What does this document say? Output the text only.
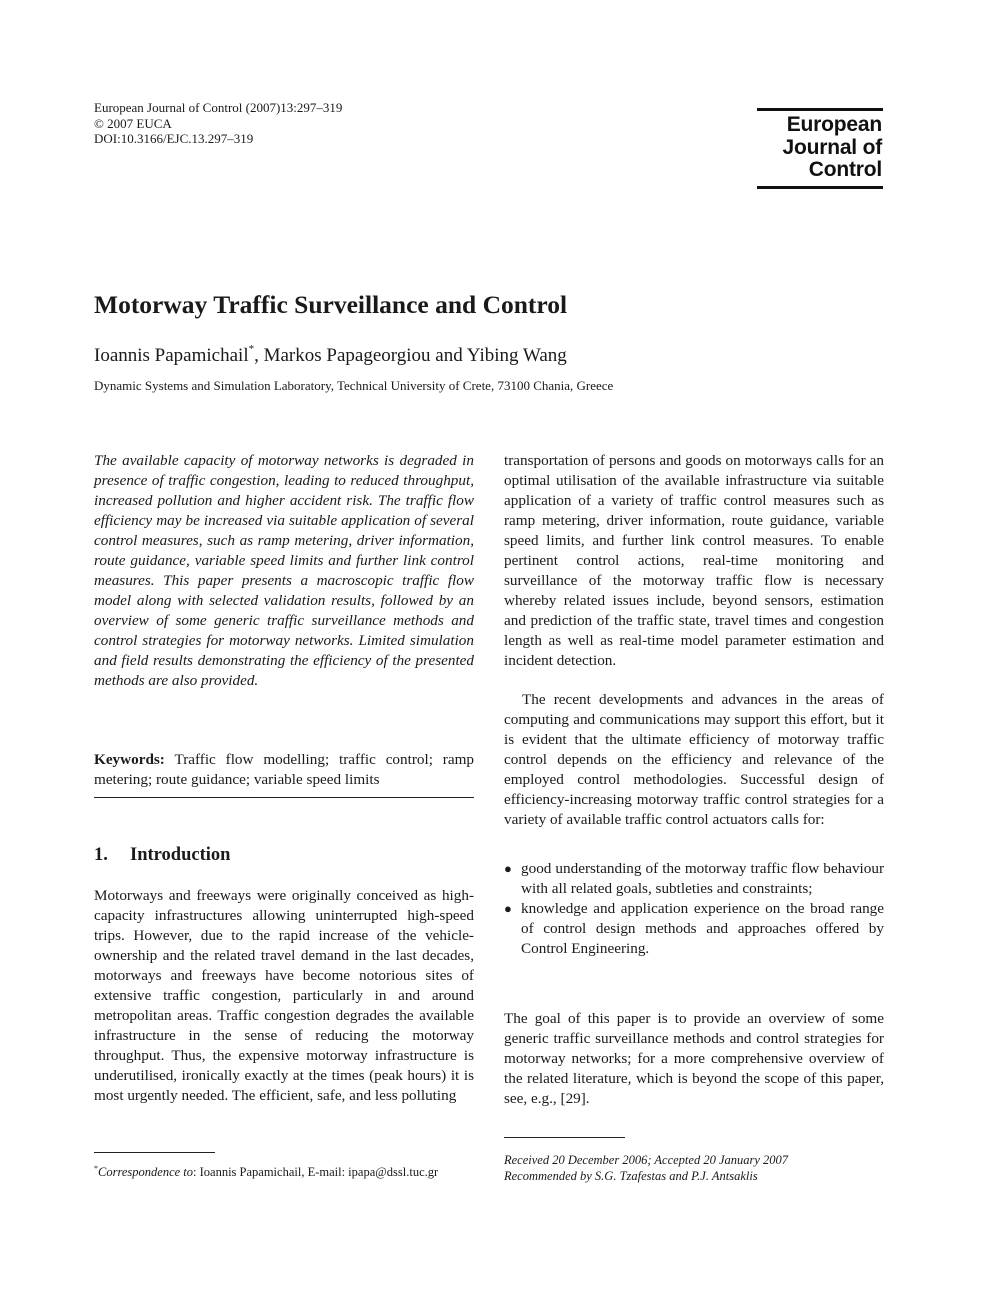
European Journal of Control (2007)13:297–319
© 2007 EUCA
DOI:10.3166/EJC.13.297–319
European
Journal of
Control
Motorway Traffic Surveillance and Control
Ioannis Papamichail*, Markos Papageorgiou and Yibing Wang
Dynamic Systems and Simulation Laboratory, Technical University of Crete, 73100 Chania, Greece
The available capacity of motorway networks is degraded in presence of traffic congestion, leading to reduced throughput, increased pollution and higher accident risk. The traffic flow efficiency may be increased via suitable application of several control measures, such as ramp metering, driver information, route guidance, variable speed limits and further link control measures. This paper presents a macroscopic traffic flow model along with selected validation results, followed by an overview of some generic traffic surveillance methods and control strategies for motorway networks. Limited simulation and field results demonstrating the efficiency of the presented methods are also provided.
Keywords: Traffic flow modelling; traffic control; ramp metering; route guidance; variable speed limits
1. Introduction
Motorways and freeways were originally conceived as high-capacity infrastructures allowing uninterrupted high-speed trips. However, due to the rapid increase of the vehicle-ownership and the related travel demand in the last decades, motorways and freeways have become notorious sites of extensive traffic congestion, particularly in and around metropolitan areas. Traffic congestion degrades the available infrastructure in the sense of reducing the motorway throughput. Thus, the expensive motorway infrastructure is underutilised, ironically exactly at the times (peak hours) it is most urgently needed. The efficient, safe, and less polluting
transportation of persons and goods on motorways calls for an optimal utilisation of the available infrastructure via suitable application of a variety of traffic control measures such as ramp metering, driver information, route guidance, variable speed limits, and further link control measures. To enable pertinent control actions, real-time monitoring and surveillance of the motorway traffic flow is necessary whereby related issues include, beyond sensors, estimation and prediction of the traffic state, travel times and congestion length as well as real-time model parameter estimation and incident detection.
The recent developments and advances in the areas of computing and communications may support this effort, but it is evident that the ultimate efficiency of motorway traffic control depends on the efficiency and relevance of the employed control methodologies. Successful design of efficiency-increasing motorway traffic control strategies for a variety of available traffic control actuators calls for:
● good understanding of the motorway traffic flow behaviour with all related goals, subtleties and constraints;
● knowledge and application experience on the broad range of control design methods and approaches offered by Control Engineering.
The goal of this paper is to provide an overview of some generic traffic surveillance methods and control strategies for motorway networks; for a more comprehensive overview of the related literature, which is beyond the scope of this paper, see, e.g., [29].
*Correspondence to: Ioannis Papamichail, E-mail: ipapa@dssl.tuc.gr
Received 20 December 2006; Accepted 20 January 2007
Recommended by S.G. Tzafestas and P.J. Antsaklis
